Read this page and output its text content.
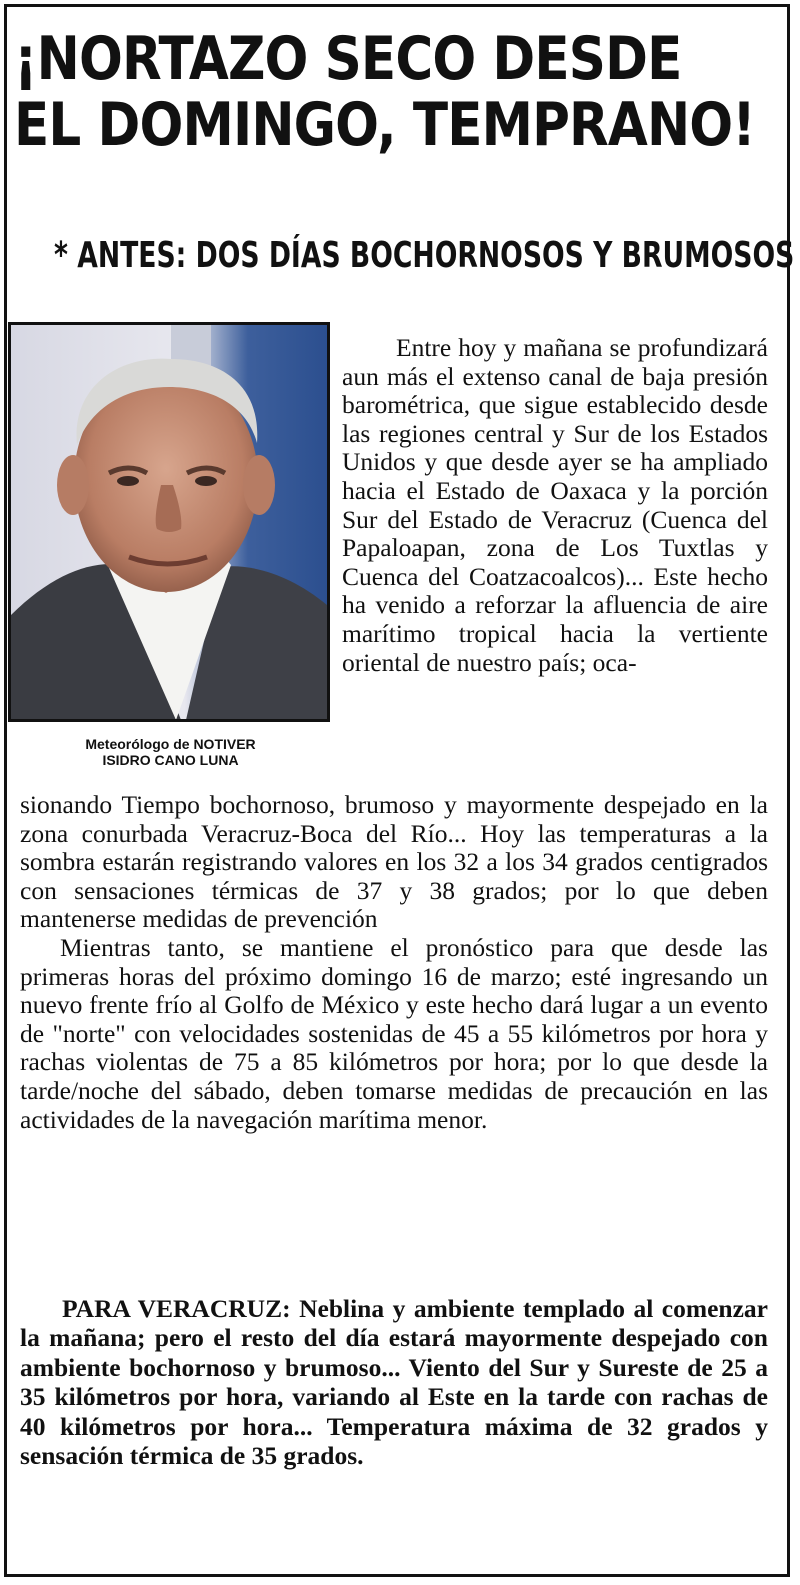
¡NORTAZO SECO DESDE
EL DOMINGO, TEMPRANO!
* ANTES: DOS DÍAS BOCHORNOSOS Y BRUMOSOS
Meteorólogo de NOTIVER
ISIDRO CANO LUNA

Entre hoy y mañana se profundizará aun más el extenso canal de baja presión barométrica, que sigue establecido desde las regiones central y Sur de los Estados Unidos y que desde ayer se ha ampliado hacia el Estado de Oaxaca y la porción Sur del Estado de Veracruz (Cuenca del Papaloapan, zona de Los Tuxtlas y Cuenca del Coatzacoalcos)... Este hecho ha venido a reforzar la afluencia de aire marítimo tropical hacia la vertiente oriental de nuestro país; oca-

sionando Tiempo bochornoso, brumoso y mayormente despejado en la zona conurbada Veracruz-Boca del Río... Hoy las temperaturas a la sombra estarán registrando valores en los 32 a los 34 grados centigrados con sensaciones térmicas de 37 y 38 grados; por lo que deben mantenerse medidas de prevención

Mientras tanto, se mantiene el pronóstico para que desde las primeras horas del próximo domingo 16 de marzo; esté ingresando un nuevo frente frío al Golfo de México y este hecho dará lugar a un evento de "norte" con velocidades sostenidas de 45 a 55 kilómetros por hora y rachas violentas de 75 a 85 kilómetros por hora; por lo que desde la tarde/noche del sábado, deben tomarse medidas de precaución en las actividades de la navegación marítima menor.

PARA VERACRUZ: Neblina y ambiente templado al comenzar la mañana; pero el resto del día estará mayormente despejado con ambiente bochornoso y brumoso... Viento del Sur y Sureste de 25 a 35 kilómetros por hora, variando al Este en la tarde con rachas de 40 kilómetros por hora... Temperatura máxima de 32 grados y sensación térmica de 35 grados.
